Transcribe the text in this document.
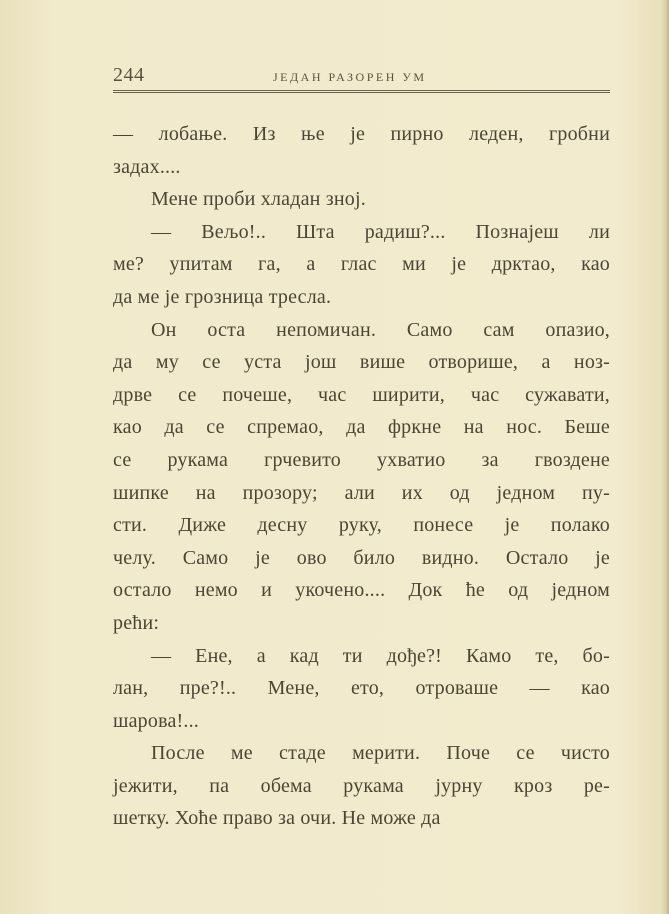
244	ЈЕДАН РАЗОРЕН УМ

— лобање. Из ње је пирно леден, гробни
задах....

Мене проби хладан зној.

— Вељо!.. Шта радиш?... Познајеш ли
ме? упитам га, а глас ми је дрктао, као
да ме је грозница тресла.

Он оста непомичан. Само сам опазио,
да му се уста још више отворише, а ноз-
дрве се почеше, час ширити, час сужавати,
као да се спремао, да фркне на нос. Беше
се рукама грчевито ухватио за гвоздене
шипке на прозору; али их од једном пу-
сти. Диже десну руку, понесе је полако
челу. Само је ово било видно. Остало је
остало немо и укочено.... Док ће од једном
рећи:

— Ене, а кад ти дође?! Камо те, бо-
лан, пре?!.. Мене, ето, отроваше — као
шарова!...

После ме стаде мерити. Поче се чисто
јежити, па обема рукама јурну кроз ре-
шетку. Хоће право за очи. Не може да
